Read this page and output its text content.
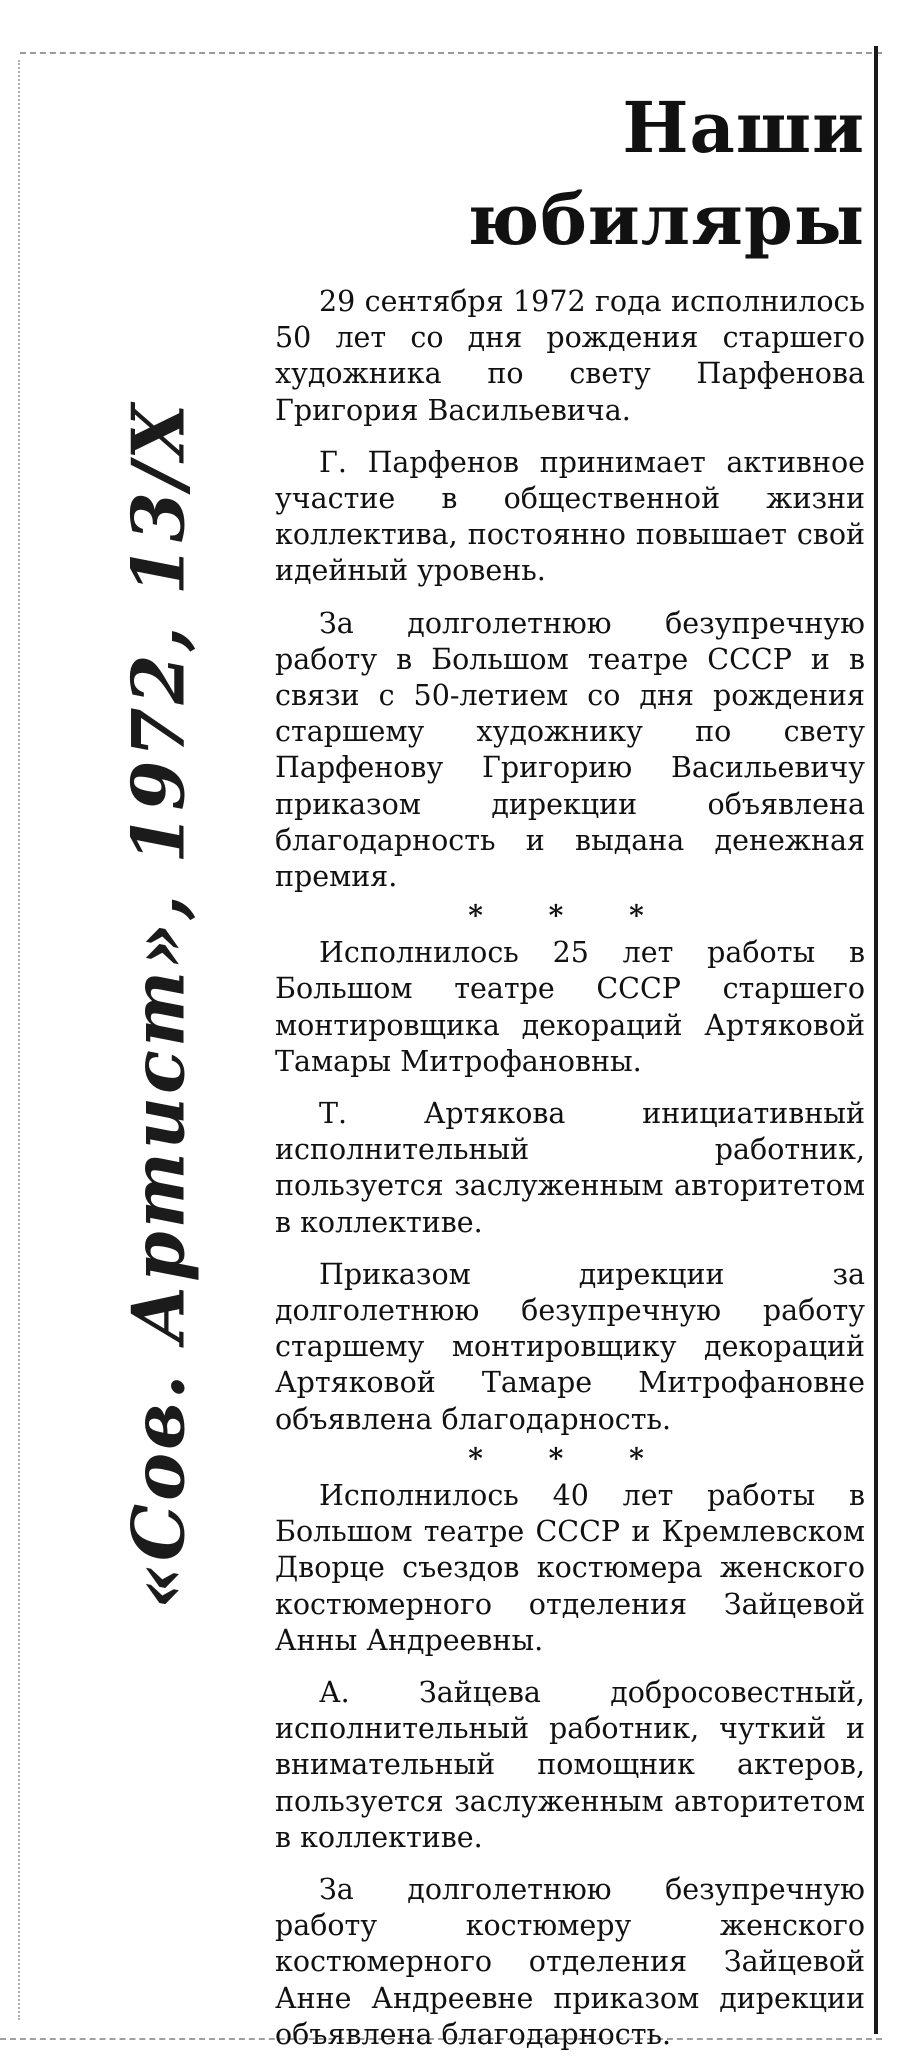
«Сов. Артист», 1972, 13/Х
Наши юбиляры

29 сентября 1972 года исполнилось 50 лет со дня рождения старшего художника по свету Парфенова Григория Васильевича.

Г. Парфенов принимает активное участие в общественной жизни коллектива, постоянно повышает свой идейный уровень.

За долголетнюю безупречную работу в Большом театре СССР и в связи с 50-летием со дня рождения старшему художнику по свету Парфенову Григорию Васильевичу приказом дирекции объявлена благодарность и выдана денежная премия.

* * *

Исполнилось 25 лет работы в Большом театре СССР старшего монтировщика декораций Артяковой Тамары Митрофановны.

Т. Артякова инициативный исполнительный работник, пользуется заслуженным авторитетом в коллективе.

Приказом дирекции за долголетнюю безупречную работу старшему монтировщику декораций Артяковой Тамаре Митрофановне объявлена благодарность.

* * *

Исполнилось 40 лет работы в Большом театре СССР и Кремлевском Дворце съездов костюмера женского костюмерного отделения Зайцевой Анны Андреевны.

А. Зайцева добросовестный, исполнительный работник, чуткий и внимательный помощник актеров, пользуется заслуженным авторитетом в коллективе.

За долголетнюю безупречную работу костюмеру женского костюмерного отделения Зайцевой Анне Андреевне приказом дирекции объявлена благодарность.
